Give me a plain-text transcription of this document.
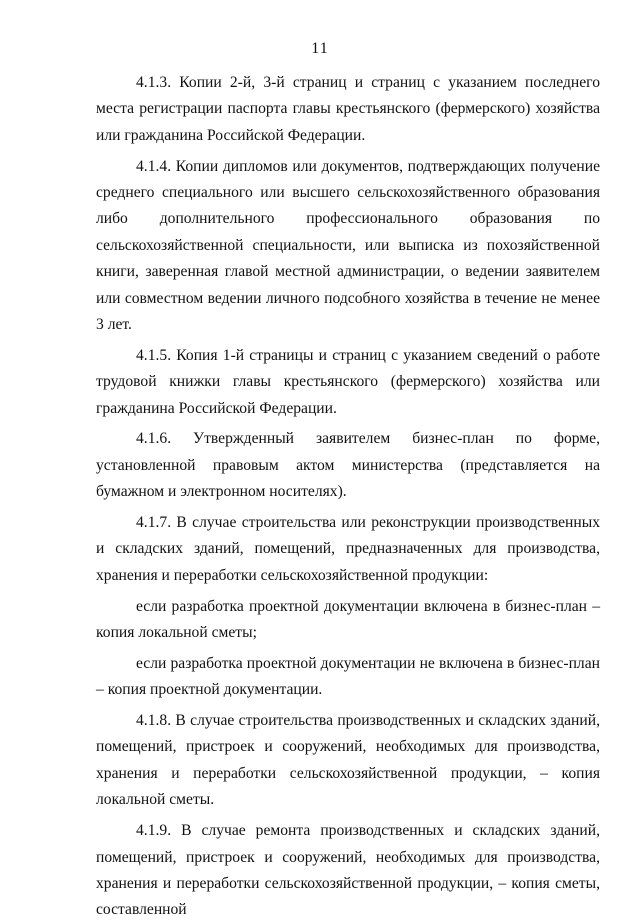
11

4.1.3. Копии 2-й, 3-й страниц и страниц с указанием последнего места регистрации паспорта главы крестьянского (фермерского) хозяйства или гражданина Российской Федерации.

4.1.4. Копии дипломов или документов, подтверждающих получение среднего специального или высшего сельскохозяйственного образования либо дополнительного профессионального образования по сельскохозяйственной специальности, или выписка из похозяйственной книги, заверенная главой местной администрации, о ведении заявителем или совместном ведении личного подсобного хозяйства в течение не менее 3 лет.

4.1.5. Копия 1-й страницы и страниц с указанием сведений о работе трудовой книжки главы крестьянского (фермерского) хозяйства или гражданина Российской Федерации.

4.1.6. Утвержденный заявителем бизнес-план по форме, установленной правовым актом министерства (представляется на бумажном и электронном носителях).

4.1.7. В случае строительства или реконструкции производственных и складских зданий, помещений, предназначенных для производства, хранения и переработки сельскохозяйственной продукции:

если разработка проектной документации включена в бизнес-план – копия локальной сметы;

если разработка проектной документации не включена в бизнес-план – копия проектной документации.

4.1.8. В случае строительства производственных и складских зданий, помещений, пристроек и сооружений, необходимых для производства, хранения и переработки сельскохозяйственной продукции, – копия локальной сметы.

4.1.9. В случае ремонта производственных и складских зданий, помещений, пристроек и сооружений, необходимых для производства, хранения и переработки сельскохозяйственной продукции, – копия сметы, составленной
